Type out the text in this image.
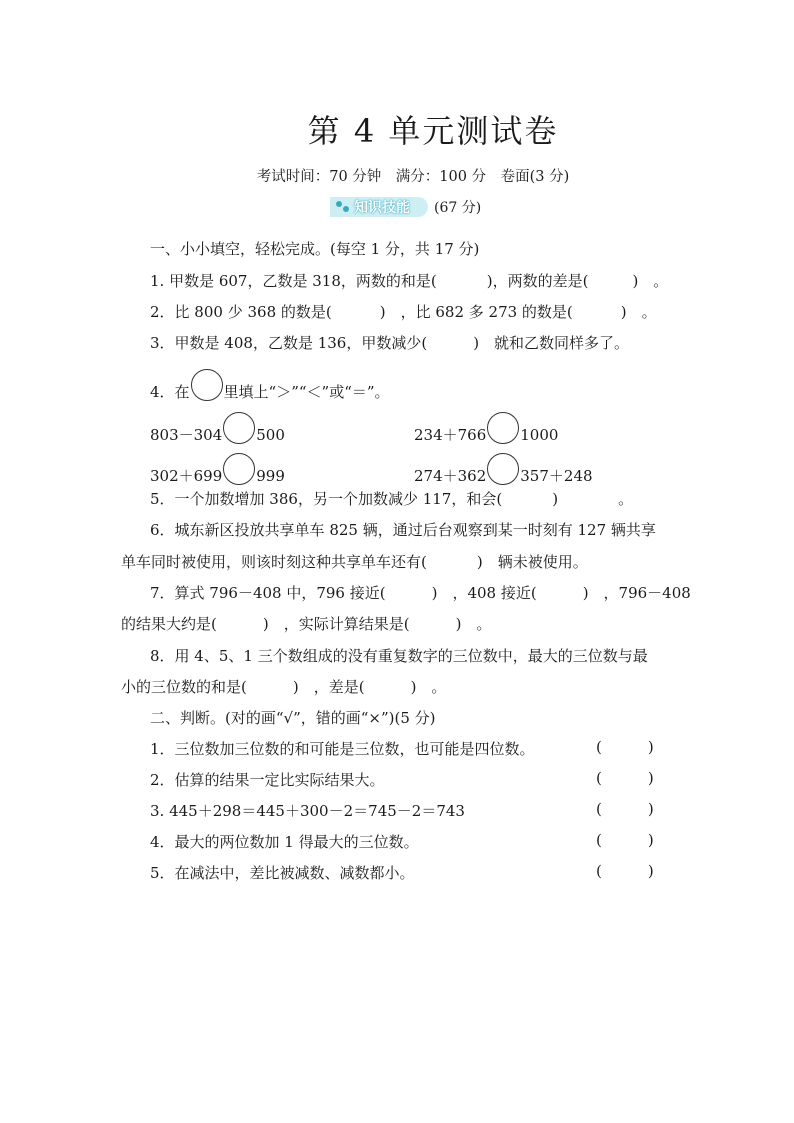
第 4 单元测试卷
考试时间：70 分钟　满分：100 分　卷面(3 分)
知识技能 (67 分)
一、小小填空，轻松完成。(每空 1 分，共 17 分)
1. 甲数是 607，乙数是 318，两数的和是(	)，两数的差是(	)　。
2．比 800 少 368 的数是(	)　，比 682 多 273 的数是(	)　。
3．甲数是 408，乙数是 136，甲数减少(	)　就和乙数同样多了。
4．在 里填上“＞”“＜”或“＝”。
803－304 500	234＋766 1000
302＋699 999	274＋362 357＋248
5．一个加数增加 386，另一个加数减少 117，和会(	)	。
6．城东新区投放共享单车 825 辆，通过后台观察到某一时刻有 127 辆共享
单车同时被使用，则该时刻这种共享单车还有(	)　辆未被使用。
7．算式 796－408 中，796 接近(	)　，408 接近(	)　，796－408
的结果大约是(	)　，实际计算结果是(	)　。
8．用 4、5、1 三个数组成的没有重复数字的三位数中，最大的三位数与最
小的三位数的和是(	)　，差是(	)　。
二、判断。(对的画“√”，错的画“×”)(5 分)
1．三位数加三位数的和可能是三位数，也可能是四位数。	(	)
2．估算的结果一定比实际结果大。	(	)
3. 445＋298＝445＋300－2＝745－2＝743	(	)
4．最大的两位数加 1 得最大的三位数。	(	)
5．在减法中，差比被减数、减数都小。	(	)
